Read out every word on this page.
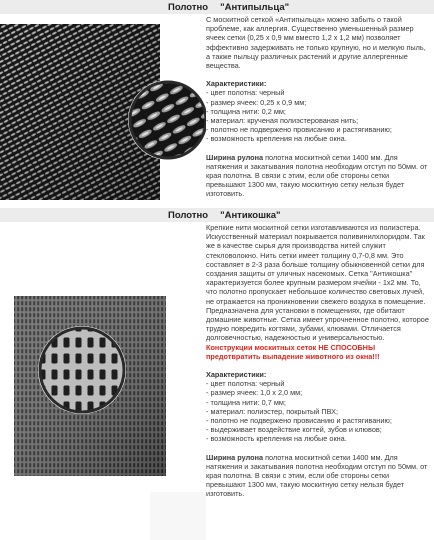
Полотно "Антипыльца"

С москитной сеткой «Антипыльца» можно забыть о такой проблеме, как аллергия. Существенно уменьшенный размер ячеек сетки (0,25 х 0,9 мм вместо 1,2 х 1,2 мм) позволяет эффективно задерживать не только крупную, но и мелкую пыль, а также пыльцу различных растений и другие аллергенные вещества.

Характеристики:

- цвет полотна: черный
- размер ячеек: 0,25 х 0,9 мм;
- толщина нити: 0,2 мм;
- материал: крученая полиэстерованая нить;
- полотно не подвержено провисанию и растягиванию;
- возможность крепления на любые окна.

Ширина рулона полотна москитной сетки 1400 мм. Для натяжения и закатывания полотна необходим отступ по 50мм. от края полотна. В связи с этим, если обе стороны сетки превышают 1300 мм, такую москитную сетку нельзя будет изготовить.

Полотно "Антикошка"

Крепкие нити москитной сетки изготавливаются из полиэстера. Искусственный материал покрывается поливинилхлоридом. Так же в качестве сырья для производства нитей служит стекловолокно. Нить сетки имеет толщину 0,7-0,8 мм. Это составляет в 2-3 раза больше толщину обыкновенной сетки для создания защиты от уличных насекомых. Сетка "Антикошка" характеризуется более крупным размером ячейки - 1х2 мм. То, что полотно пропускает небольшое количество световых лучей, не отражается на проникновении свежего воздуха в помещение. Предназначена для установки в помещениях, где обитают домашние животные. Сетка имеет упрочненное полотно, которое трудно повредить когтями, зубами, клювами. Отличается долговечностью, надежностью и универсальностью.

Конструкции москитных сеток НЕ СПОСОБНЫ предотвратить выпадение животного из окна!!!

Характеристики:

- цвет полотна: черный
- размер ячеек: 1,0 х 2,0 мм;
- толщина нити: 0,7 мм;
- материал: полиэстер, покрытый ПВХ;
- полотно не подвержено провисанию и растягиванию;
- выдерживает воздействие когтей, зубов и клювов;
- возможность крепления на любые окна.

Ширина рулона полотна москитной сетки 1400 мм. Для натяжения и закатывания полотна необходим отступ по 50мм. от края полотна. В связи с этим, если обе стороны сетки превышают 1300 мм, такую москитную сетку нельзя будет изготовить.
